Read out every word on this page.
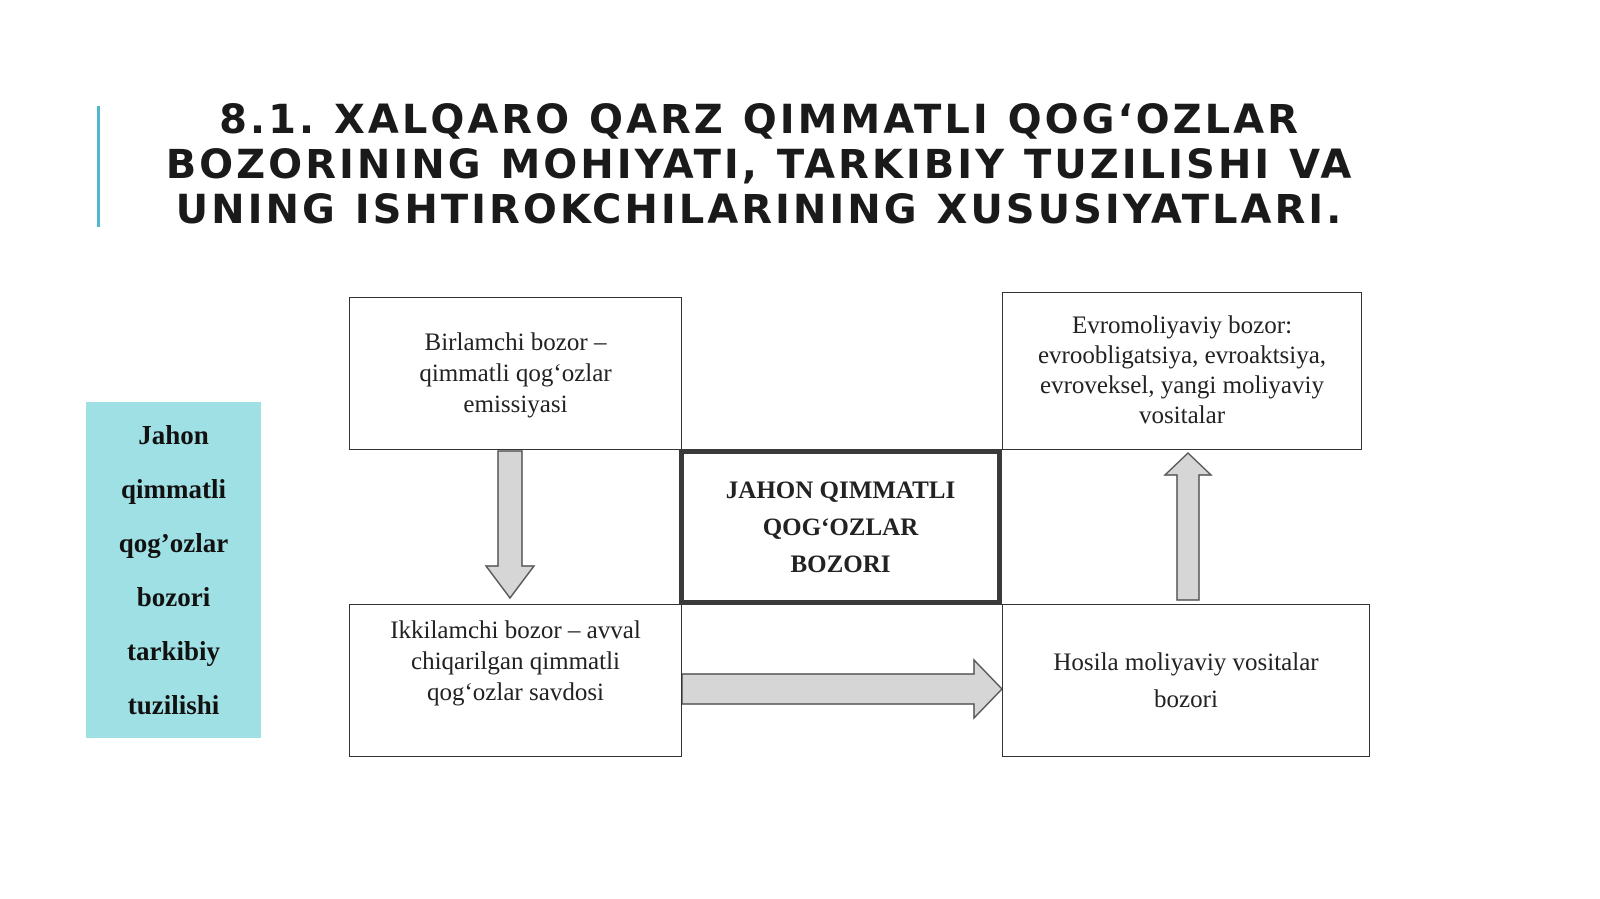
8.1. XALQARO QARZ QIMMATLI QOG‘OZLAR
BOZORINING MOHIYATI, TARKIBIY TUZILISHI VA
UNING ISHTIROKCHILARINING XUSUSIYATLARI.
Jahon
qimmatli
qog’ozlar
bozori
tarkibiy
tuzilishi
Birlamchi bozor –
qimmatli qog‘ozlar
emissiyasi
Evromoliyaviy bozor:
evroobligatsiya, evroaktsiya,
evroveksel, yangi moliyaviy
vositalar
JAHON QIMMATLI
QOG‘OZLAR
BOZORI
Ikkilamchi bozor – avval
chiqarilgan qimmatli
qog‘ozlar savdosi
Hosila moliyaviy vositalar
bozori
